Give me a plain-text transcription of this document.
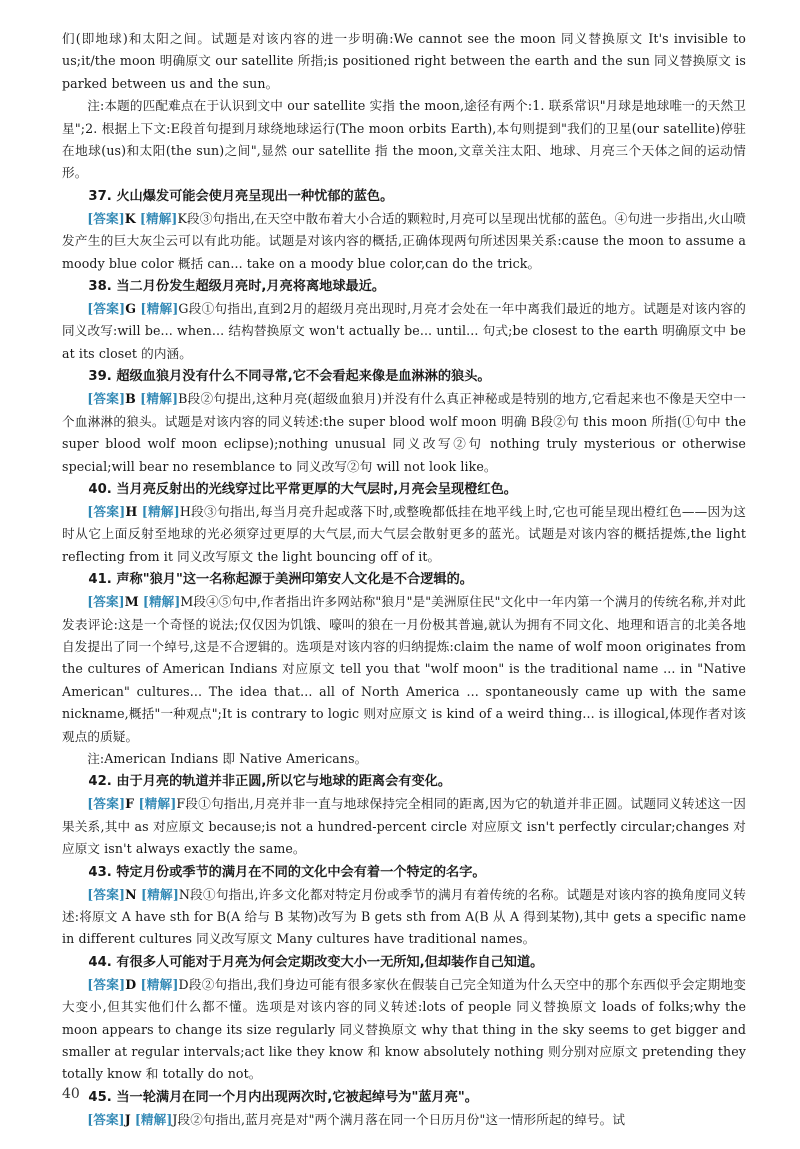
们(即地球)和太阳之间。试题是对该内容的进一步明确:We cannot see the moon 同义替换原文 It's invisible to us;it/the moon 明确原文 our satellite 所指;is positioned right between the earth and the sun 同义替换原文 is parked between us and the sun。

注:本题的匹配难点在于认识到文中 our satellite 实指 the moon,途径有两个:1. 联系常识"月球是地球唯一的天然卫星";2. 根据上下文:E段首句提到月球绕地球运行(The moon orbits Earth),本句则提到"我们的卫星(our satellite)停驻在地球(us)和太阳(the sun)之间",显然 our satellite 指 the moon,文章关注太阳、地球、月亮三个天体之间的运动情形。

37. 火山爆发可能会使月亮呈现出一种忧郁的蓝色。

[答案]K [精解]K段③句指出,在天空中散布着大小合适的颗粒时,月亮可以呈现出忧郁的蓝色。④句进一步指出,火山喷发产生的巨大灰尘云可以有此功能。试题是对该内容的概括,正确体现两句所述因果关系:cause the moon to assume a moody blue color 概括 can... take on a moody blue color,can do the trick。

38. 当二月份发生超级月亮时,月亮将离地球最近。

[答案]G [精解]G段①句指出,直到2月的超级月亮出现时,月亮才会处在一年中离我们最近的地方。试题是对该内容的同义改写:will be... when... 结构替换原文 won't actually be... until... 句式;be closest to the earth 明确原文中 be at its closet 的内涵。

39. 超级血狼月没有什么不同寻常,它不会看起来像是血淋淋的狼头。

[答案]B [精解]B段②句提出,这种月亮(超级血狼月)并没有什么真正神秘或是特别的地方,它看起来也不像是天空中一个血淋淋的狼头。试题是对该内容的同义转述:the super blood wolf moon 明确 B段②句 this moon 所指(①句中 the super blood wolf moon eclipse);nothing unusual 同义改写②句 nothing truly mysterious or otherwise special;will bear no resemblance to 同义改写②句 will not look like。

40. 当月亮反射出的光线穿过比平常更厚的大气层时,月亮会呈现橙红色。

[答案]H [精解]H段③句指出,每当月亮升起或落下时,或整晚都低挂在地平线上时,它也可能呈现出橙红色——因为这时从它上面反射至地球的光必须穿过更厚的大气层,而大气层会散射更多的蓝光。试题是对该内容的概括提炼,the light reflecting from it 同义改写原文 the light bouncing off of it。

41. 声称"狼月"这一名称起源于美洲印第安人文化是不合逻辑的。

[答案]M [精解]M段④⑤句中,作者指出许多网站称"狼月"是"美洲原住民"文化中一年内第一个满月的传统名称,并对此发表评论:这是一个奇怪的说法;仅仅因为饥饿、嚎叫的狼在一月份极其普遍,就认为拥有不同文化、地理和语言的北美各地自发提出了同一个绰号,这是不合逻辑的。选项是对该内容的归纳提炼:claim the name of wolf moon originates from the cultures of American Indians 对应原文 tell you that "wolf moon" is the traditional name ... in "Native American" cultures... The idea that... all of North America ... spontaneously came up with the same nickname,概括"一种观点";It is contrary to logic 则对应原文 is kind of a weird thing... is illogical,体现作者对该观点的质疑。

注:American Indians 即 Native Americans。

42. 由于月亮的轨道并非正圆,所以它与地球的距离会有变化。

[答案]F [精解]F段①句指出,月亮并非一直与地球保持完全相同的距离,因为它的轨道并非正圆。试题同义转述这一因果关系,其中 as 对应原文 because;is not a hundred-percent circle 对应原文 isn't perfectly circular;changes 对应原文 isn't always exactly the same。

43. 特定月份或季节的满月在不同的文化中会有着一个特定的名字。

[答案]N [精解]N段①句指出,许多文化都对特定月份或季节的满月有着传统的名称。试题是对该内容的换角度同义转述:将原文 A have sth for B(A 给与 B 某物)改写为 B gets sth from A(B 从 A 得到某物),其中 gets a specific name in different cultures 同义改写原文 Many cultures have traditional names。

44. 有很多人可能对于月亮为何会定期改变大小一无所知,但却装作自己知道。

[答案]D [精解]D段②句指出,我们身边可能有很多家伙在假装自己完全知道为什么天空中的那个东西似乎会定期地变大变小,但其实他们什么都不懂。选项是对该内容的同义转述:lots of people 同义替换原文 loads of folks;why the moon appears to change its size regularly 同义替换原文 why that thing in the sky seems to get bigger and smaller at regular intervals;act like they know 和 know absolutely nothing 则分别对应原文 pretending they totally know 和 totally do not。

45. 当一轮满月在同一个月内出现两次时,它被起绰号为"蓝月亮"。

[答案]J [精解]J段②句指出,蓝月亮是对"两个满月落在同一个日历月份"这一情形所起的绰号。试

40
